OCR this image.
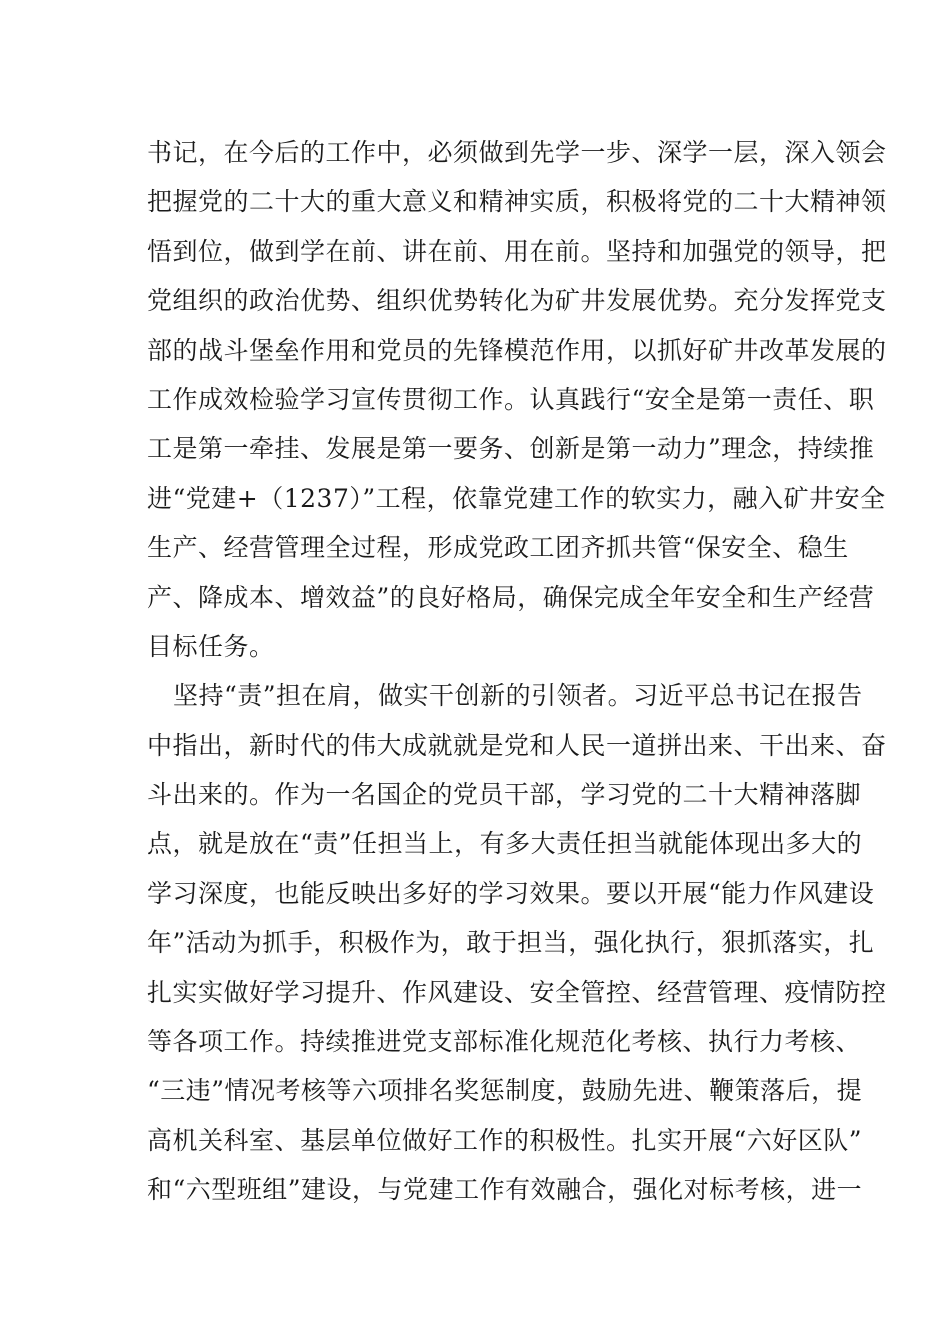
书记，在今后的工作中，必须做到先学一步、深学一层，深入领会
把握党的二十大的重大意义和精神实质，积极将党的二十大精神领
悟到位，做到学在前、讲在前、用在前。坚持和加强党的领导，把
党组织的政治优势、组织优势转化为矿井发展优势。充分发挥党支
部的战斗堡垒作用和党员的先锋模范作用，以抓好矿井改革发展的
工作成效检验学习宣传贯彻工作。认真践行“安全是第一责任、职
工是第一牵挂、发展是第一要务、创新是第一动力”理念，持续推
进“党建+（1237）”工程，依靠党建工作的软实力，融入矿井安全
生产、经营管理全过程，形成党政工团齐抓共管“保安全、稳生
产、降成本、增效益”的良好格局，确保完成全年安全和生产经营
目标任务。
坚持“责”担在肩，做实干创新的引领者。习近平总书记在报告
中指出，新时代的伟大成就就是党和人民一道拼出来、干出来、奋
斗出来的。作为一名国企的党员干部，学习党的二十大精神落脚
点，就是放在“责”任担当上，有多大责任担当就能体现出多大的
学习深度，也能反映出多好的学习效果。要以开展“能力作风建设
年”活动为抓手，积极作为，敢于担当，强化执行，狠抓落实，扎
扎实实做好学习提升、作风建设、安全管控、经营管理、疫情防控
等各项工作。持续推进党支部标准化规范化考核、执行力考核、
“三违”情况考核等六项排名奖惩制度，鼓励先进、鞭策落后，提
高机关科室、基层单位做好工作的积极性。扎实开展“六好区队”
和“六型班组”建设，与党建工作有效融合，强化对标考核，进一
